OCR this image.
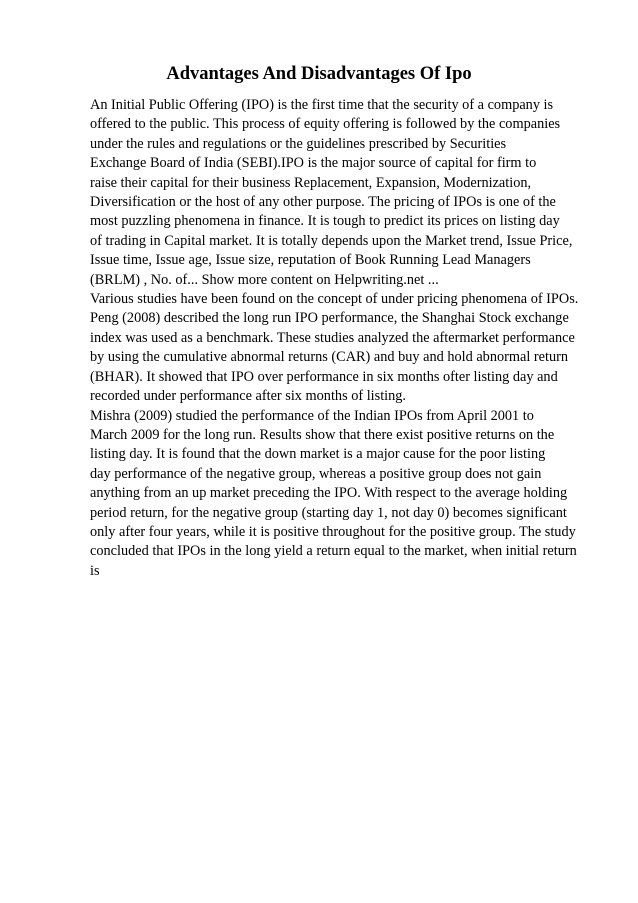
Advantages And Disadvantages Of Ipo
An Initial Public Offering (IPO) is the first time that the security of a company is
offered to the public. This process of equity offering is followed by the companies
under the rules and regulations or the guidelines prescribed by Securities
Exchange Board of India (SEBI).IPO is the major source of capital for firm to
raise their capital for their business Replacement, Expansion, Modernization,
Diversification or the host of any other purpose. The pricing of IPOs is one of the
most puzzling phenomena in finance. It is tough to predict its prices on listing day
of trading in Capital market. It is totally depends upon the Market trend, Issue Price,
Issue time, Issue age, Issue size, reputation of Book Running Lead Managers
(BRLM) , No. of... Show more content on Helpwriting.net ...
Various studies have been found on the concept of under pricing phenomena of IPOs.
Peng (2008) described the long run IPO performance, the Shanghai Stock exchange
index was used as a benchmark. These studies analyzed the aftermarket performance
by using the cumulative abnormal returns (CAR) and buy and hold abnormal return
(BHAR). It showed that IPO over performance in six months ofter listing day and
recorded under performance after six months of listing.
Mishra (2009) studied the performance of the Indian IPOs from April 2001 to
March 2009 for the long run. Results show that there exist positive returns on the
listing day. It is found that the down market is a major cause for the poor listing
day performance of the negative group, whereas a positive group does not gain
anything from an up market preceding the IPO. With respect to the average holding
period return, for the negative group (starting day 1, not day 0) becomes significant
only after four years, while it is positive throughout for the positive group. The study
concluded that IPOs in the long yield a return equal to the market, when initial return
is
